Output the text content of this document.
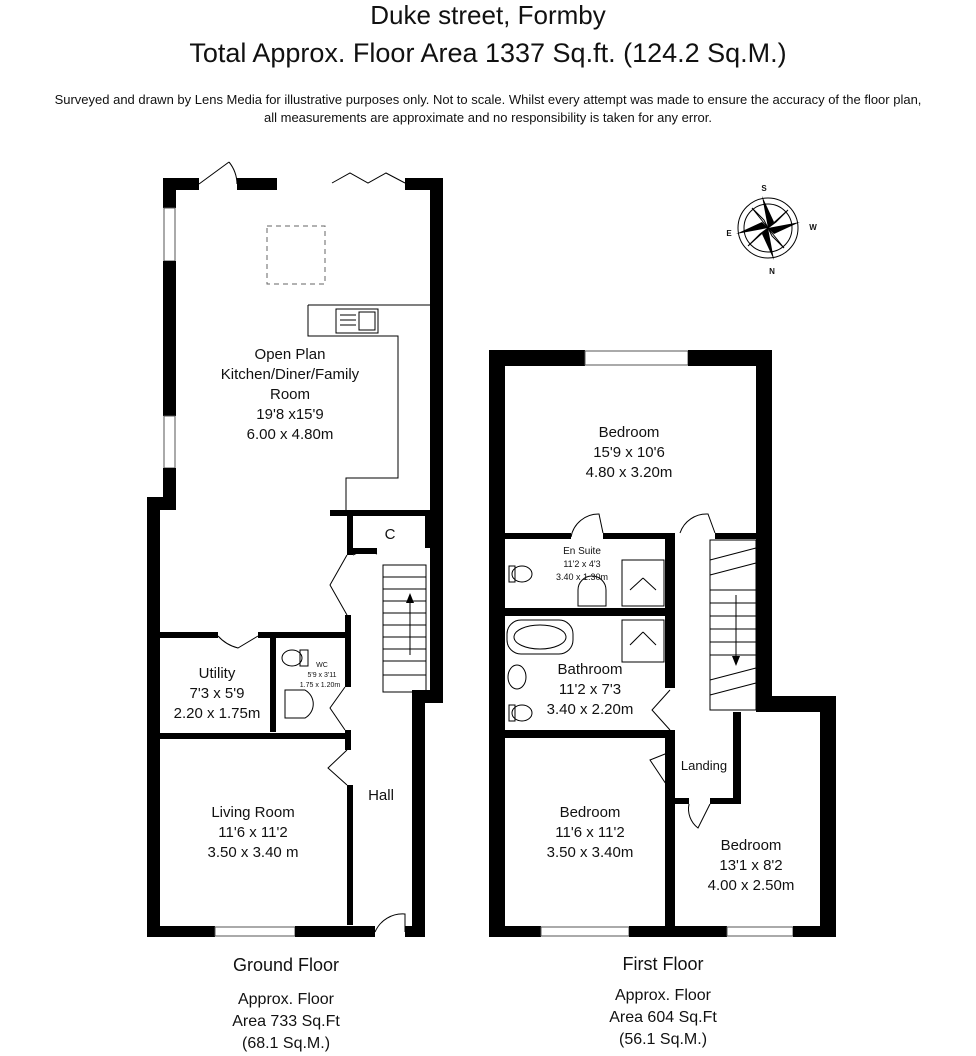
Duke street, Formby
Total Approx. Floor Area 1337 Sq.ft. (124.2 Sq.M.)
Surveyed and drawn by Lens Media for illustrative purposes only. Not to scale. Whilst every attempt was made to ensure the accuracy of the floor plan,
all measurements are approximate and no responsibility is taken for any error.
Open Plan
Kitchen/Diner/Family
Room
19'8 x15'9
6.00 x 4.80m
C
Utility
7'3 x 5'9
2.20 x 1.75m
WC
5'9 x 3'11
1.75 x 1.20m
Living Room
11'6 x 11'2
3.50 x 3.40 m
Hall
Ground Floor
Approx. Floor
Area 733 Sq.Ft
(68.1 Sq.M.)
Bedroom
15'9 x 10'6
4.80 x 3.20m
En Suite
11'2 x 4'3
3.40 x 1.30m
Bathroom
11'2 x 7'3
3.40 x 2.20m
Landing
Bedroom
11'6 x 11'2
3.50 x 3.40m	Bedroom
13'1 x 8'2
4.00 x 2.50m
First Floor
Approx. Floor
Area 604 Sq.Ft
(56.1 Sq.M.)
S
W
E
N
